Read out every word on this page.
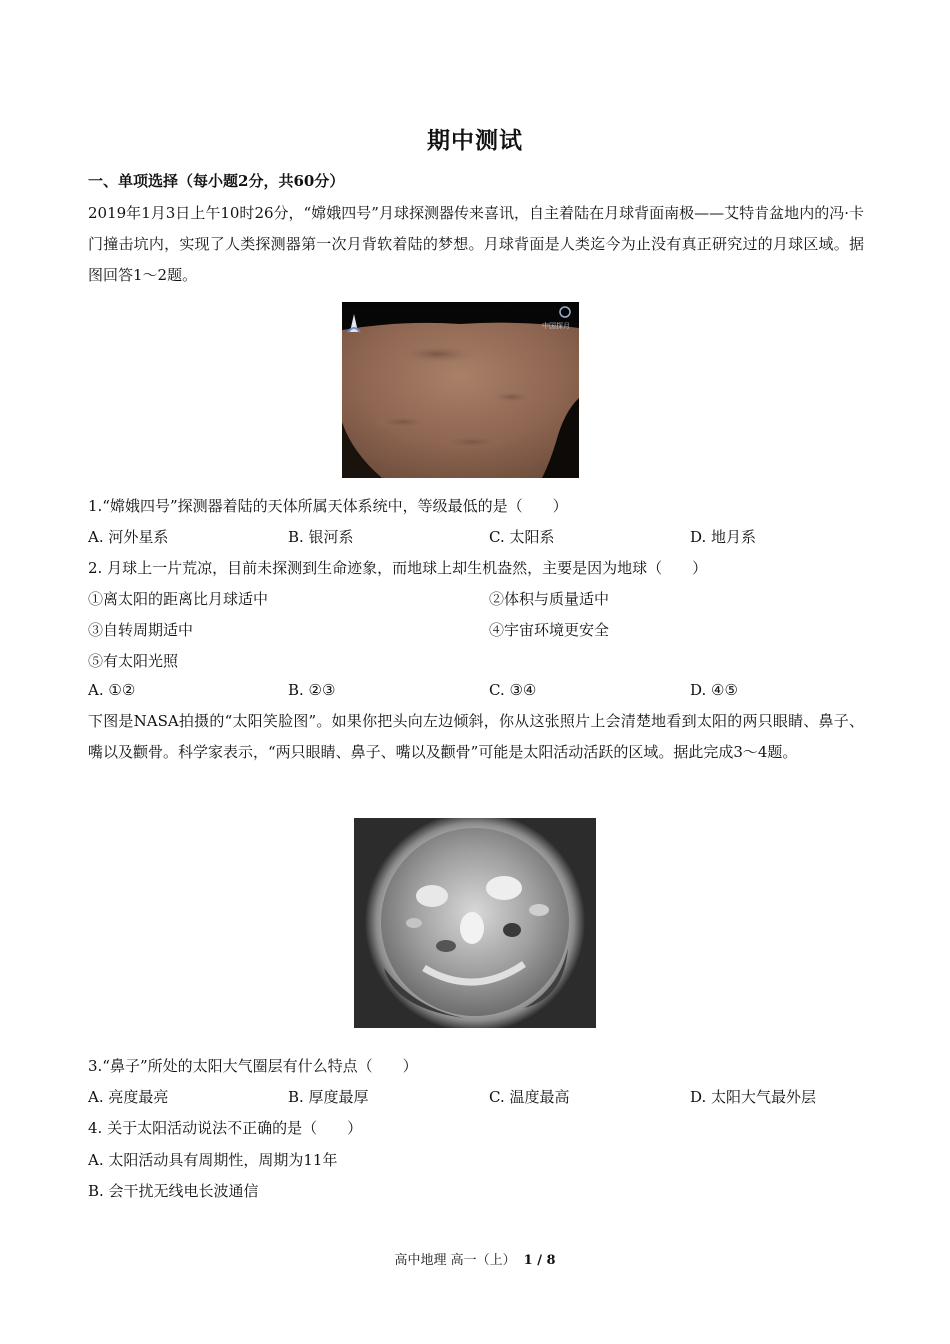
期中测试
一、单项选择（每小题2分，共60分）
2019年1月3日上午10时26分，“嫦娥四号”月球探测器传来喜讯，自主着陆在月球背面南极——艾特肯盆地内的冯·卡门撞击坑内，实现了人类探测器第一次月背软着陆的梦想。月球背面是人类迄今为止没有真正研究过的月球区域。据图回答1～2题。
中国探月
1.“嫦娥四号”探测器着陆的天体所属天体系统中，等级最低的是（　　）
A. 河外星系	B. 银河系	C. 太阳系	D. 地月系
2. 月球上一片荒凉，目前未探测到生命迹象，而地球上却生机盎然，主要是因为地球（　　）
①离太阳的距离比月球适中	②体积与质量适中
③自转周期适中	④宇宙环境更安全
⑤有太阳光照
A. ①②	B. ②③	C. ③④	D. ④⑤
下图是NASA拍摄的“太阳笑脸图”。如果你把头向左边倾斜，你从这张照片上会清楚地看到太阳的两只眼睛、鼻子、嘴以及颧骨。科学家表示，“两只眼睛、鼻子、嘴以及颧骨”可能是太阳活动活跃的区域。据此完成3～4题。
3.“鼻子”所处的太阳大气圈层有什么特点（　　）
A. 亮度最亮	B. 厚度最厚	C. 温度最高	D. 太阳大气最外层
4. 关于太阳活动说法不正确的是（　　）
A. 太阳活动具有周期性，周期为11年
B. 会干扰无线电长波通信
高中地理 高一（上） 1 / 8
